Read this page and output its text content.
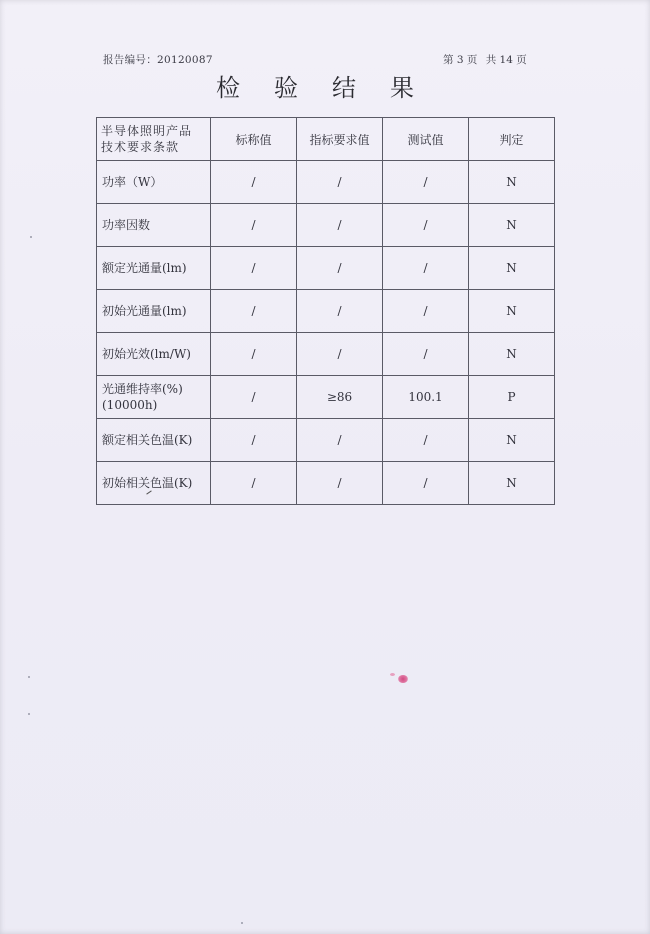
报告编号：20120087	第 3 页 共 14 页
检 验 结 果
半导体照明产品
技术要求条款	标称值	指标要求值	测试值	判定
功率（W）	/	/	/	N
功率因数	/	/	/	N
额定光通量(lm)	/	/	/	N
初始光通量(lm)	/	/	/	N
初始光效(lm/W)	/	/	/	N
光通维持率(%)
(10000h)	/	≥86	100.1	P
额定相关色温(K)	/	/	/	N
初始相关色温(K)	/	/	/	N
